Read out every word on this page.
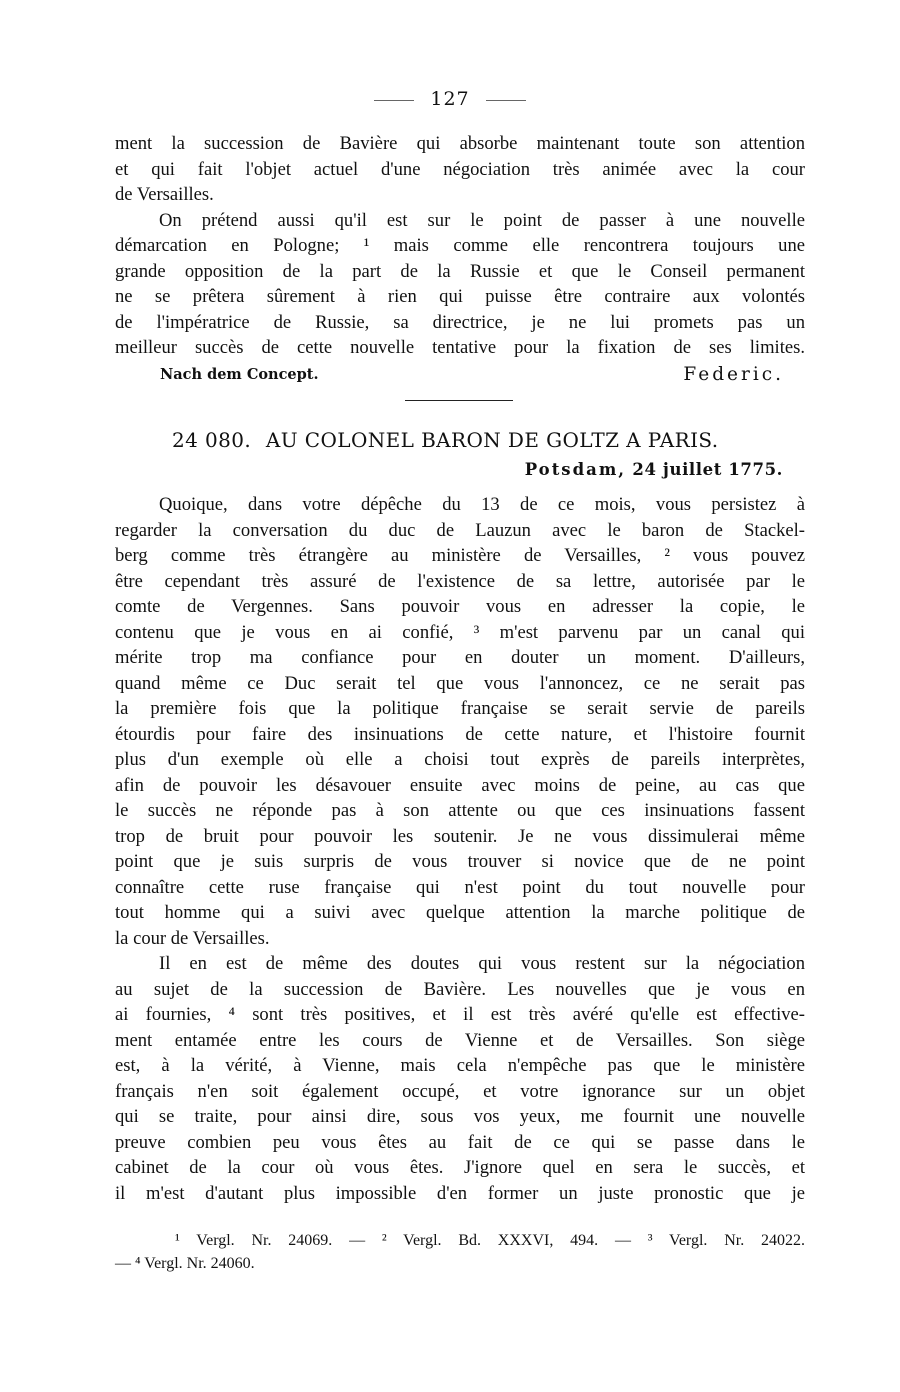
127
ment la succession de Bavière qui absorbe maintenant toute son attention
et qui fait l'objet actuel d'une négociation très animée avec la cour
de Versailles.
On prétend aussi qu'il est sur le point de passer à une nouvelle
démarcation en Pologne; ¹ mais comme elle rencontrera toujours une
grande opposition de la part de la Russie et que le Conseil permanent
ne se prêtera sûrement à rien qui puisse être contraire aux volontés
de l'impératrice de Russie, sa directrice, je ne lui promets pas un
meilleur succès de cette nouvelle tentative pour la fixation de ses limites.
Nach dem Concept.	Federic.
24 080. AU COLONEL BARON DE GOLTZ A PARIS.
Potsdam, 24 juillet 1775.
Quoique, dans votre dépêche du 13 de ce mois, vous persistez à
regarder la conversation du duc de Lauzun avec le baron de Stackel-
berg comme très étrangère au ministère de Versailles, ² vous pouvez
être cependant très assuré de l'existence de sa lettre, autorisée par le
comte de Vergennes. Sans pouvoir vous en adresser la copie, le
contenu que je vous en ai confié, ³ m'est parvenu par un canal qui
mérite trop ma confiance pour en douter un moment. D'ailleurs,
quand même ce Duc serait tel que vous l'annoncez, ce ne serait pas
la première fois que la politique française se serait servie de pareils
étourdis pour faire des insinuations de cette nature, et l'histoire fournit
plus d'un exemple où elle a choisi tout exprès de pareils interprètes,
afin de pouvoir les désavouer ensuite avec moins de peine, au cas que
le succès ne réponde pas à son attente ou que ces insinuations fassent
trop de bruit pour pouvoir les soutenir. Je ne vous dissimulerai même
point que je suis surpris de vous trouver si novice que de ne point
connaître cette ruse française qui n'est point du tout nouvelle pour
tout homme qui a suivi avec quelque attention la marche politique de
la cour de Versailles.
Il en est de même des doutes qui vous restent sur la négociation
au sujet de la succession de Bavière. Les nouvelles que je vous en
ai fournies, ⁴ sont très positives, et il est très avéré qu'elle est effective-
ment entamée entre les cours de Vienne et de Versailles. Son siège
est, à la vérité, à Vienne, mais cela n'empêche pas que le ministère
français n'en soit également occupé, et votre ignorance sur un objet
qui se traite, pour ainsi dire, sous vos yeux, me fournit une nouvelle
preuve combien peu vous êtes au fait de ce qui se passe dans le
cabinet de la cour où vous êtes. J'ignore quel en sera le succès, et
il m'est d'autant plus impossible d'en former un juste pronostic que je
¹ Vergl. Nr. 24069. — ² Vergl. Bd. XXXVI, 494. — ³ Vergl. Nr. 24022.
— ⁴ Vergl. Nr. 24060.
